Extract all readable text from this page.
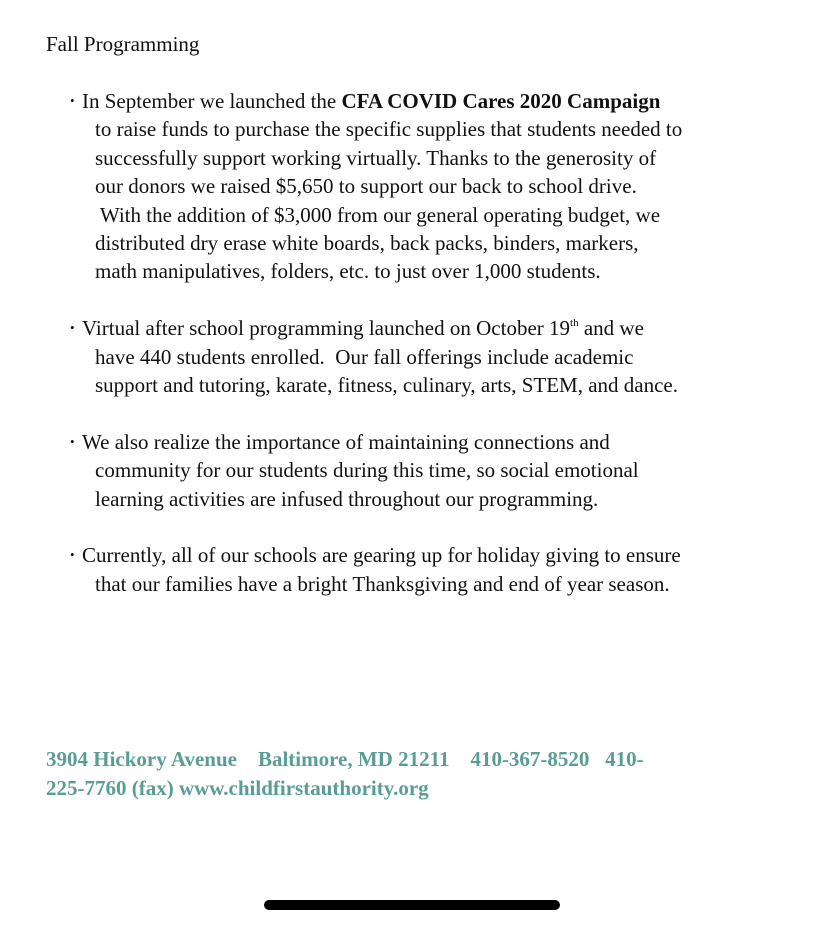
Fall Programming
• In September we launched the CFA COVID Cares 2020 Campaign
to raise funds to purchase the specific supplies that students needed to
successfully support working virtually. Thanks to the generosity of
our donors we raised $5,650 to support our back to school drive.
With the addition of $3,000 from our general operating budget, we
distributed dry erase white boards, back packs, binders, markers,
math manipulatives, folders, etc. to just over 1,000 students.
• Virtual after school programming launched on October 19th and we
have 440 students enrolled.  Our fall offerings include academic
support and tutoring, karate, fitness, culinary, arts, STEM, and dance.
• We also realize the importance of maintaining connections and
community for our students during this time, so social emotional
learning activities are infused throughout our programming.
• Currently, all of our schools are gearing up for holiday giving to ensure
that our families have a bright Thanksgiving and end of year season.
3904 Hickory Avenue    Baltimore, MD 21211    410-367-8520   410-
225-7760 (fax) www.childfirstauthority.org
